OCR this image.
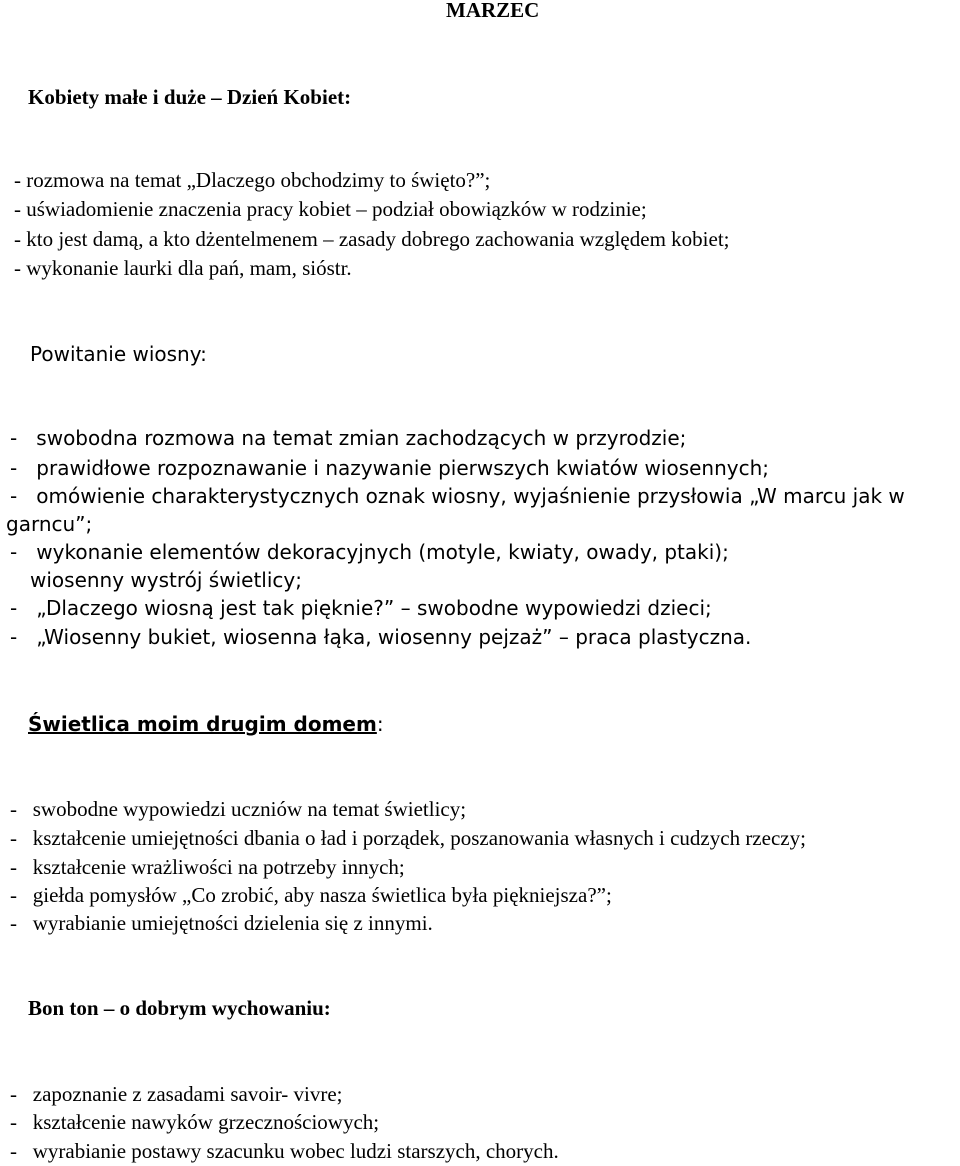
MARZEC
Kobiety małe i duże – Dzień Kobiet:
- rozmowa na temat „Dlaczego obchodzimy to święto?”;
- uświadomienie znaczenia pracy kobiet – podział obowiązków w rodzinie;
- kto jest damą, a kto dżentelmenem – zasady dobrego zachowania względem kobiet;
- wykonanie laurki dla pań, mam, sióstr.
Powitanie wiosny:
-   swobodna rozmowa na temat zmian zachodzących w przyrodzie;
-   prawidłowe rozpoznawanie i nazywanie pierwszych kwiatów wiosennych;
-   omówienie charakterystycznych oznak wiosny, wyjaśnienie przysłowia „W marcu jak w
garncu”;
-   wykonanie elementów dekoracyjnych (motyle, kwiaty, owady, ptaki);
wiosenny wystrój świetlicy;
-   „Dlaczego wiosną jest tak pięknie?” – swobodne wypowiedzi dzieci;
-   „Wiosenny bukiet, wiosenna łąka, wiosenny pejzaż” – praca plastyczna.
Świetlica moim drugim domem:
-   swobodne wypowiedzi uczniów na temat świetlicy;
-   kształcenie umiejętności dbania o ład i porządek, poszanowania własnych i cudzych rzeczy;
-   kształcenie wrażliwości na potrzeby innych;
-   giełda pomysłów „Co zrobić, aby nasza świetlica była piękniejsza?”;
-   wyrabianie umiejętności dzielenia się z innymi.
Bon ton – o dobrym wychowaniu:
-   zapoznanie z zasadami savoir- vivre;
-   kształcenie nawyków grzecznościowych;
-   wyrabianie postawy szacunku wobec ludzi starszych, chorych.
